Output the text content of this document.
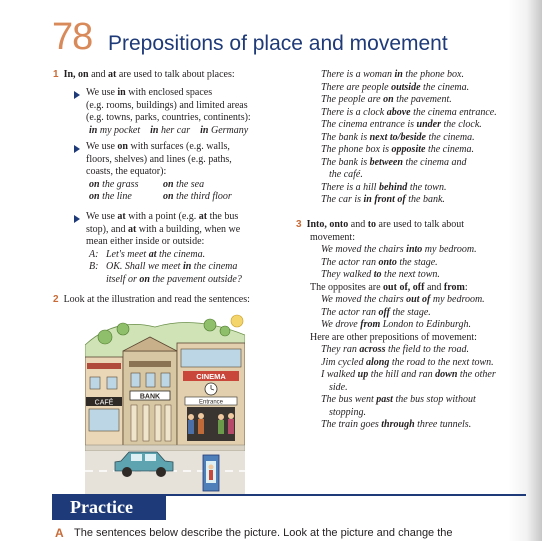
78 Prepositions of place and movement
1 In, on and at are used to talk about places:
We use in with enclosed spaces
(e.g. rooms, buildings) and limited areas
(e.g. towns, parks, countries, continents):
in my pocket in her car in Germany
We use on with surfaces (e.g. walls,
floors, shelves) and lines (e.g. paths,
coasts, the equator):
on the grass on the sea
on the line	on the third floor
We use at with a point (e.g. at the bus
stop), and at with a building, when we
mean either inside or outside:
A: Let's meet at the cinema.
B: OK. Shall we meet in the cinema
itself or on the pavement outside?
2 Look at the illustration and read the sentences:
CAFÉ
BANK
CINEMA
Entrance
There is a woman in the phone box.
There are people outside the cinema.
The people are on the pavement.
There is a clock above the cinema entrance.
The cinema entrance is under the clock.
The bank is next to/beside the cinema.
The phone box is opposite the cinema.
The bank is between the cinema and
the café.
There is a hill behind the town.
The car is in front of the bank.
3 Into, onto and to are used to talk about
movement:
We moved the chairs into my bedroom.
The actor ran onto the stage.
They walked to the next town.
The opposites are out of, off and from:
We moved the chairs out of my bedroom.
The actor ran off the stage.
We drove from London to Edinburgh.
Here are other prepositions of movement:
They ran across the field to the road.
Jim cycled along the road to the next town.
I walked up the hill and ran down the other
side.
The bus went past the bus stop without
stopping.
The train goes through three tunnels.
Practice
A The sentences below describe the picture. Look at the picture and change the
